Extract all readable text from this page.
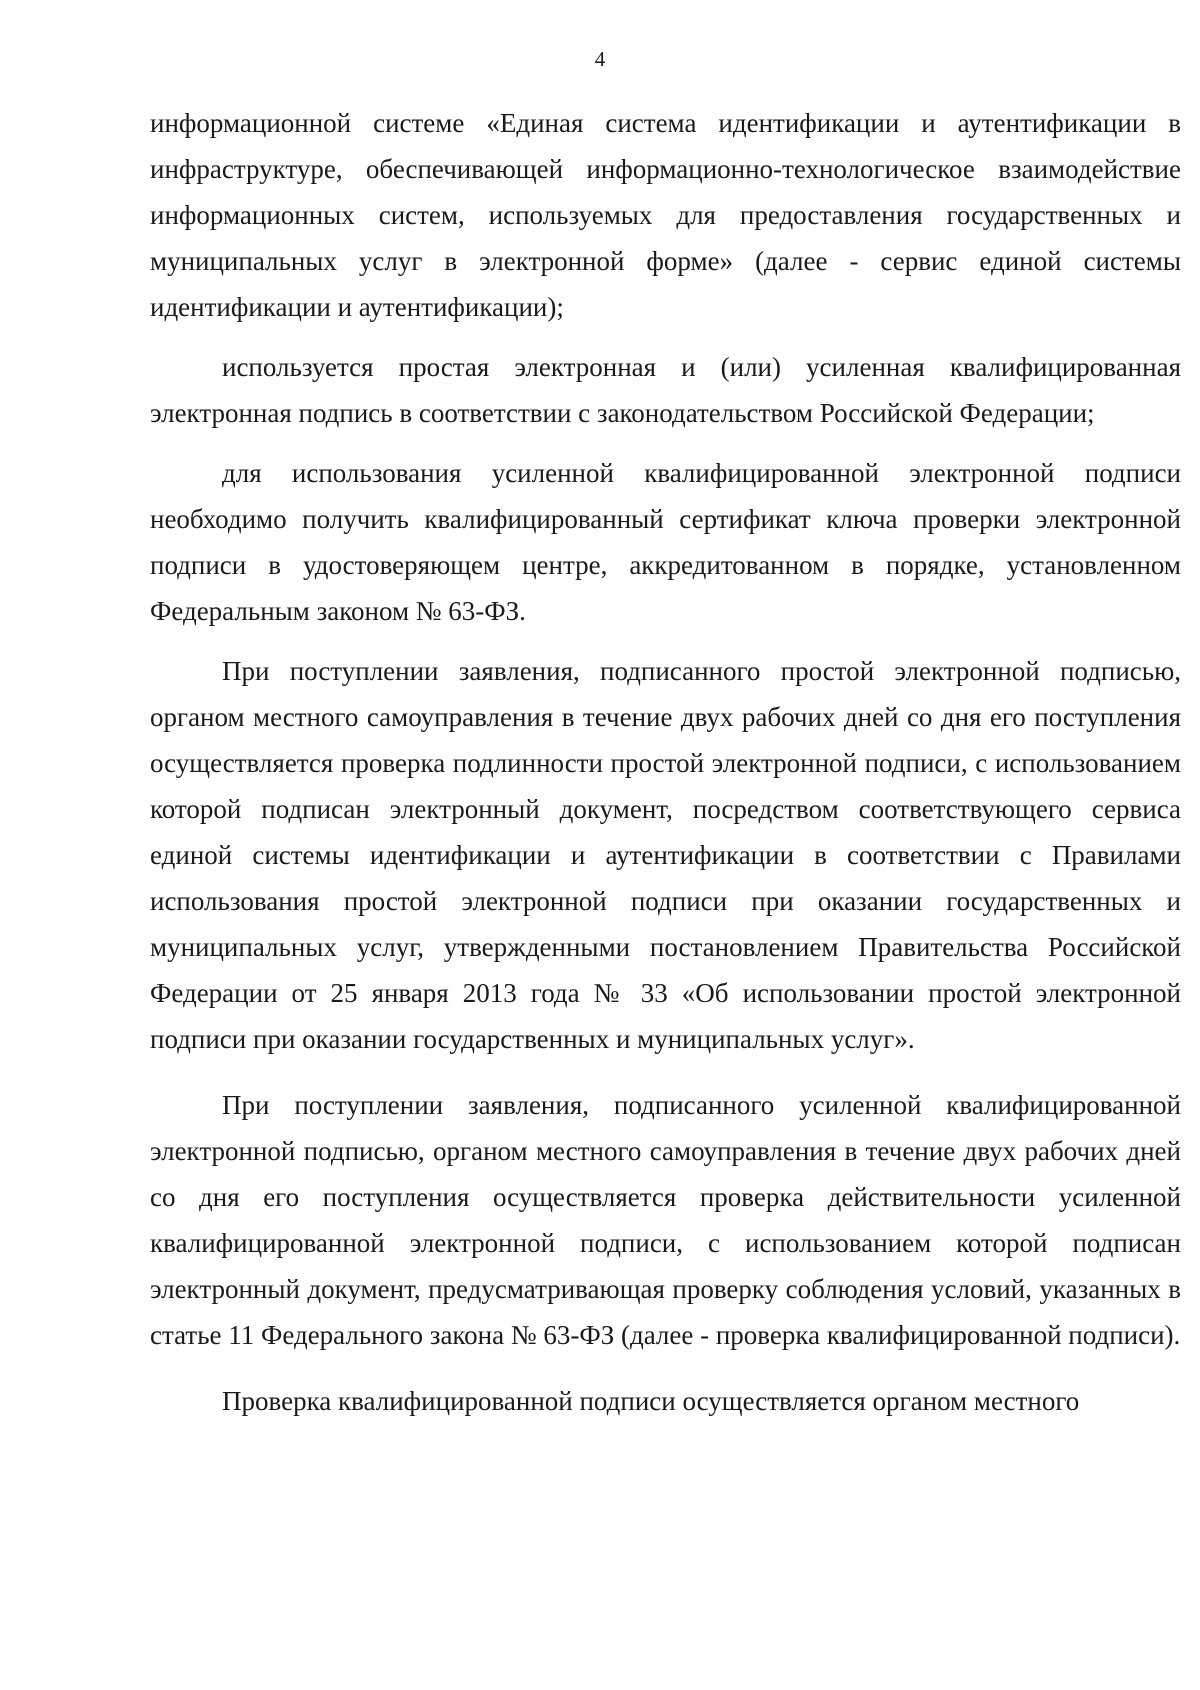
4

информационной системе «Единая система идентификации и аутентификации в инфраструктуре, обеспечивающей информационно-технологическое взаимодействие информационных систем, используемых для предоставления государственных и муниципальных услуг в электронной форме» (далее - сервис единой системы идентификации и аутентификации);

используется простая электронная и (или) усиленная квалифицированная электронная подпись в соответствии с законодательством Российской Федерации;

для использования усиленной квалифицированной электронной подписи необходимо получить квалифицированный сертификат ключа проверки электронной подписи в удостоверяющем центре, аккредитованном в порядке, установленном Федеральным законом № 63-ФЗ.

При поступлении заявления, подписанного простой электронной подписью, органом местного самоуправления в течение двух рабочих дней со дня его поступления осуществляется проверка подлинности простой электронной подписи, с использованием которой подписан электронный документ, посредством соответствующего сервиса единой системы идентификации и аутентификации в соответствии с Правилами использования простой электронной подписи при оказании государственных и муниципальных услуг, утвержденными постановлением Правительства Российской Федерации от 25 января 2013 года № 33 «Об использовании простой электронной подписи при оказании государственных и муниципальных услуг».

При поступлении заявления, подписанного усиленной квалифицированной электронной подписью, органом местного самоуправления в течение двух рабочих дней со дня его поступления осуществляется проверка действительности усиленной квалифицированной электронной подписи, с использованием которой подписан электронный документ, предусматривающая проверку соблюдения условий, указанных в статье 11 Федерального закона № 63-ФЗ (далее - проверка квалифицированной подписи).

Проверка квалифицированной подписи осуществляется органом местного
